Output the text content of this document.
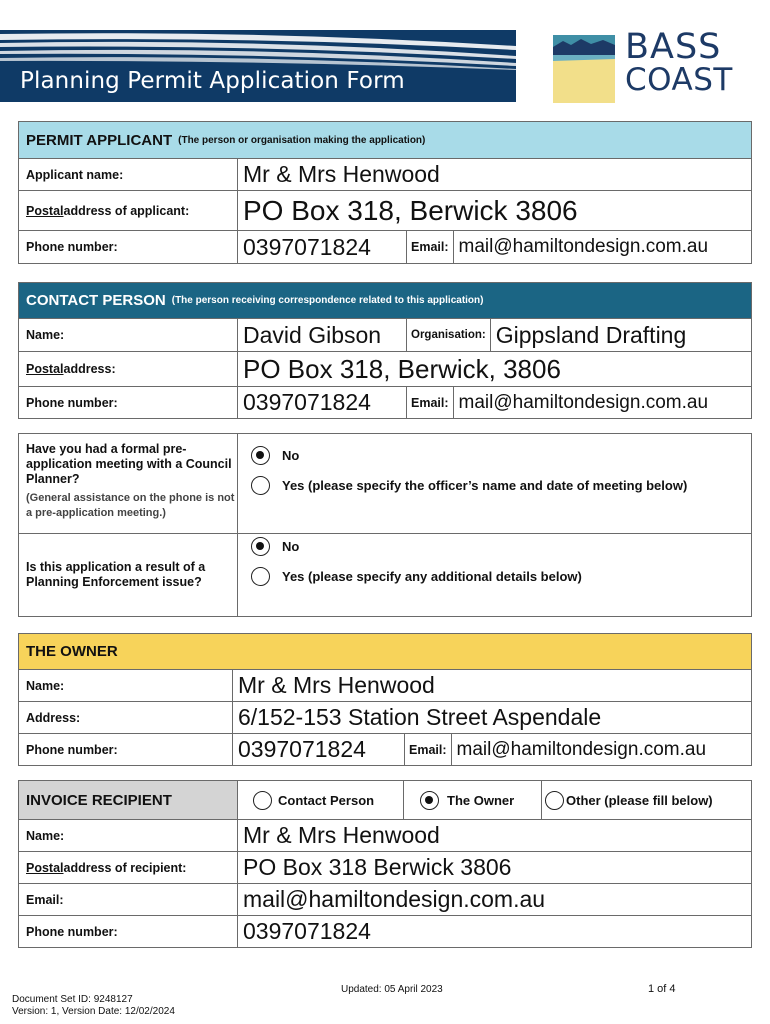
Planning Permit Application Form
BASS
COAST
PERMIT APPLICANT (The person or organisation making the application)
Applicant name:	Mr & Mrs Henwood
Postal address of applicant: PO Box 318, Berwick 3806
Phone number:	0397071824	Email: mail@hamiltondesign.com.au
CONTACT PERSON (The person receiving correspondence related to this application)
Name:	David Gibson	Organisation: Gippsland Drafting
Postal address:	PO Box 318, Berwick, 3806
Phone number:	0397071824	Email: mail@hamiltondesign.com.au
Have you had a formal pre-application meeting with a Council Planner?
(General assistance on the phone is not a pre-application meeting.)
No
Yes (please specify the officer’s name and date of meeting below)
Is this application a result of a Planning Enforcement issue?
No
Yes (please specify any additional details below)
THE OWNER
Name:	Mr & Mrs Henwood
Address:	6/152-153 Station Street Aspendale
Phone number:	0397071824	Email: mail@hamiltondesign.com.au
INVOICE RECIPIENT	Contact Person	The Owner	Other (please fill below)
Name:	Mr & Mrs Henwood
Postal address of recipient: PO Box 318 Berwick 3806
Email:	mail@hamiltondesign.com.au
Phone number:	0397071824
Updated: 05 April 2023	1 of 4
Document Set ID: 9248127
Version: 1, Version Date: 12/02/2024
